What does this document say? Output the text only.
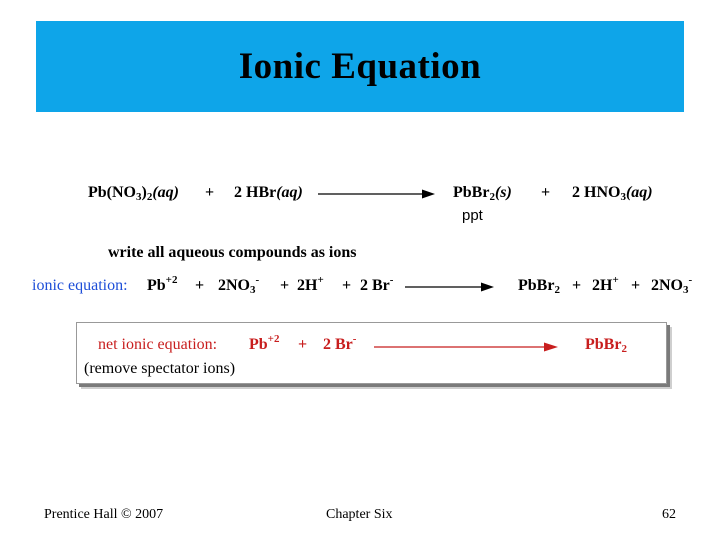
Ionic Equation
$Pb(NO_3)_2(aq) + 2$ HBr(aq)	PbBr$_2$(s)
ppt
+ 2 $HNO_3(aq)$
write all aqueous compounds as ions
ionic equation: $Pb^{+2} + 2NO_3^- + 2H^+ + 2$ Br-	PbBr$_2$ + $2H^+ + 2NO_3^-$
net ionic equation: $Pb^{+2} + 2$ Br-	PbBr$_2$
(remove spectator ions)
Prentice Hall © 2007	Chapter Six	62
